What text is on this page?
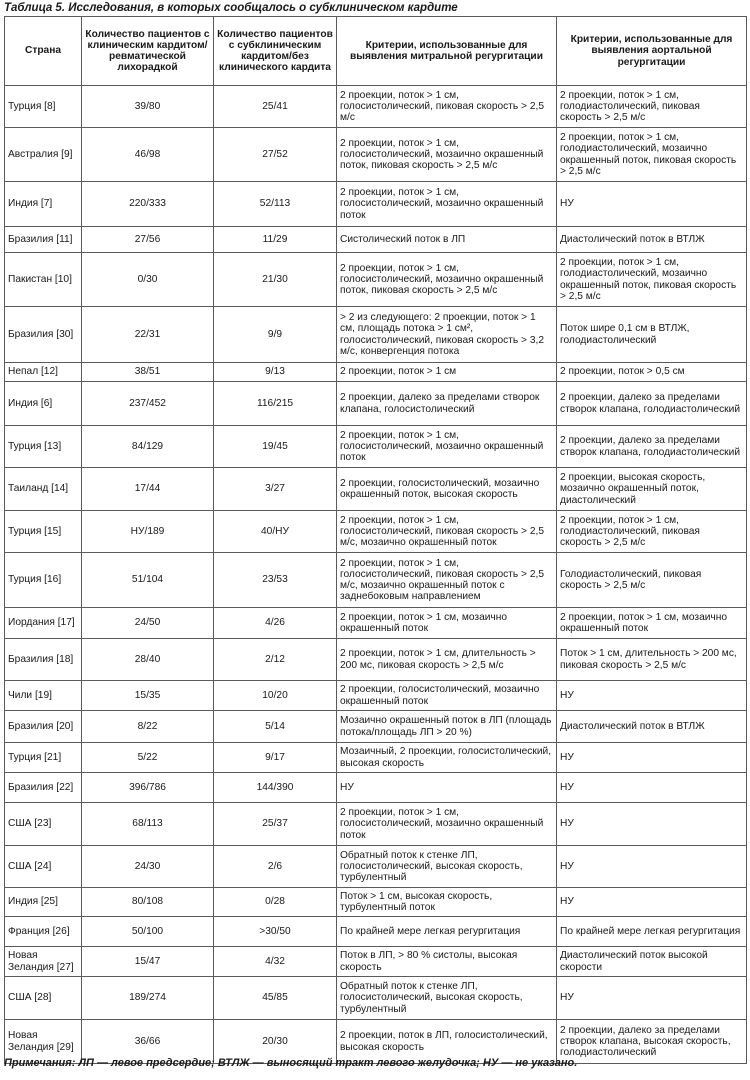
Таблица 5. Исследования, в которых сообщалось о субклиническом кардите
Страна	Количество пациентов с клиническим кардитом/ревматической лихорадкой	Количество пациентов с субклиническим кардитом/без клинического кардита	Критерии, использованные для выявления митральной регургитации	Критерии, использованные для выявления аортальной регургитации
Турция [8]	39/80	25/41	2 проекции, поток > 1 см, голосистолический, пиковая скорость > 2,5 м/с	2 проекции, поток > 1 см, голодиастолический, пиковая скорость > 2,5 м/с
Австралия [9]	46/98	27/52	2 проекции, поток > 1 см, голосистолический, мозаично окрашенный поток, пиковая скорость > 2,5 м/с	2 проекции, поток > 1 см, голодиастолический, мозаично окрашенный поток, пиковая скорость > 2,5 м/с
Индия [7]	220/333	52/113	2 проекции, поток > 1 см, голосистолический, мозаично окрашенный поток	НУ
Бразилия [11]	27/56	11/29	Систолический поток в ЛП	Диастолический поток в ВТЛЖ
Пакистан [10]	0/30	21/30	2 проекции, поток > 1 см, голосистолический, мозаично окрашенный поток, пиковая скорость > 2,5 м/с	2 проекции, поток > 1 см, голодиастолический, мозаично окрашенный поток, пиковая скорость > 2,5 м/с
Бразилия [30]	22/31	9/9	> 2 из следующего: 2 проекции, поток > 1 см, площадь потока > 1 см², голосистолический, пиковая скорость > 3,2 м/с, конвергенция потока	Поток шире 0,1 см в ВТЛЖ, голодиастолический
Непал [12]	38/51	9/13	2 проекции, поток > 1 см	2 проекции, поток > 0,5 см
Индия [6]	237/452	116/215	2 проекции, далеко за пределами створок клапана, голосистолический	2 проекции, далеко за пределами створок клапана, голодиастолический
Турция [13]	84/129	19/45	2 проекции, поток > 1 см, голосистолический, мозаично окрашенный поток	2 проекции, далеко за пределами створок клапана, голодиастолический
Таиланд [14]	17/44	3/27	2 проекции, голосистолический, мозаично окрашенный поток, высокая скорость	2 проекции, высокая скорость, мозаично окрашенный поток, диастолический
Турция [15]	НУ/189	40/НУ	2 проекции, поток > 1 см, голосистолический, пиковая скорость > 2,5 м/с, мозаично окрашенный поток	2 проекции, поток > 1 см, голодиастолический, пиковая скорость > 2,5 м/с
Турция [16]	51/104	23/53	2 проекции, поток > 1 см, голосистолический, пиковая скорость > 2,5 м/с, мозаично окрашенный поток с заднебоковым направлением	Голодиастолический, пиковая скорость > 2,5 м/с
Иордания [17]	24/50	4/26	2 проекции, поток > 1 см, мозаично окрашенный поток	2 проекции, поток > 1 см, мозаично окрашенный поток
Бразилия [18]	28/40	2/12	2 проекции, поток > 1 см, длительность > 200 мс, пиковая скорость > 2,5 м/с	Поток > 1 см, длительность > 200 мс, пиковая скорость > 2,5 м/с
Чили [19]	15/35	10/20	2 проекции, голосистолический, мозаично окрашенный поток	НУ
Бразилия [20]	8/22	5/14	Мозаично окрашенный поток в ЛП (площадь потока/площадь ЛП > 20 %)	Диастолический поток в ВТЛЖ
Турция [21]	5/22	9/17	Мозаичный, 2 проекции, голосистолический, высокая скорость	НУ
Бразилия [22]	396/786	144/390	НУ	НУ
США [23]	68/113	25/37	2 проекции, поток > 1 см, голосистолический, мозаично окрашенный поток	НУ
США [24]	24/30	2/6	Обратный поток к стенке ЛП, голосистолический, высокая скорость, турбулентный	НУ
Индия [25]	80/108	0/28	Поток > 1 см, высокая скорость, турбулентный поток	НУ
Франция [26]	50/100	>30/50	По крайней мере легкая регургитация	По крайней мере легкая регургитация
Новая Зеландия [27]	15/47	4/32	Поток в ЛП, > 80 % систолы, высокая скорость	Диастолический поток высокой скорости
США [28]	189/274	45/85	Обратный поток к стенке ЛП, голосистолический, высокая скорость, турбулентный	НУ
Новая Зеландия [29]	36/66	20/30	2 проекции, поток в ЛП, голосистолический, высокая скорость	2 проекции, далеко за пределами створок клапана, высокая скорость, голодиастолический
Примечания: ЛП — левое предсердие; ВТЛЖ — выносящий тракт левого желудочка; НУ — не указано.
